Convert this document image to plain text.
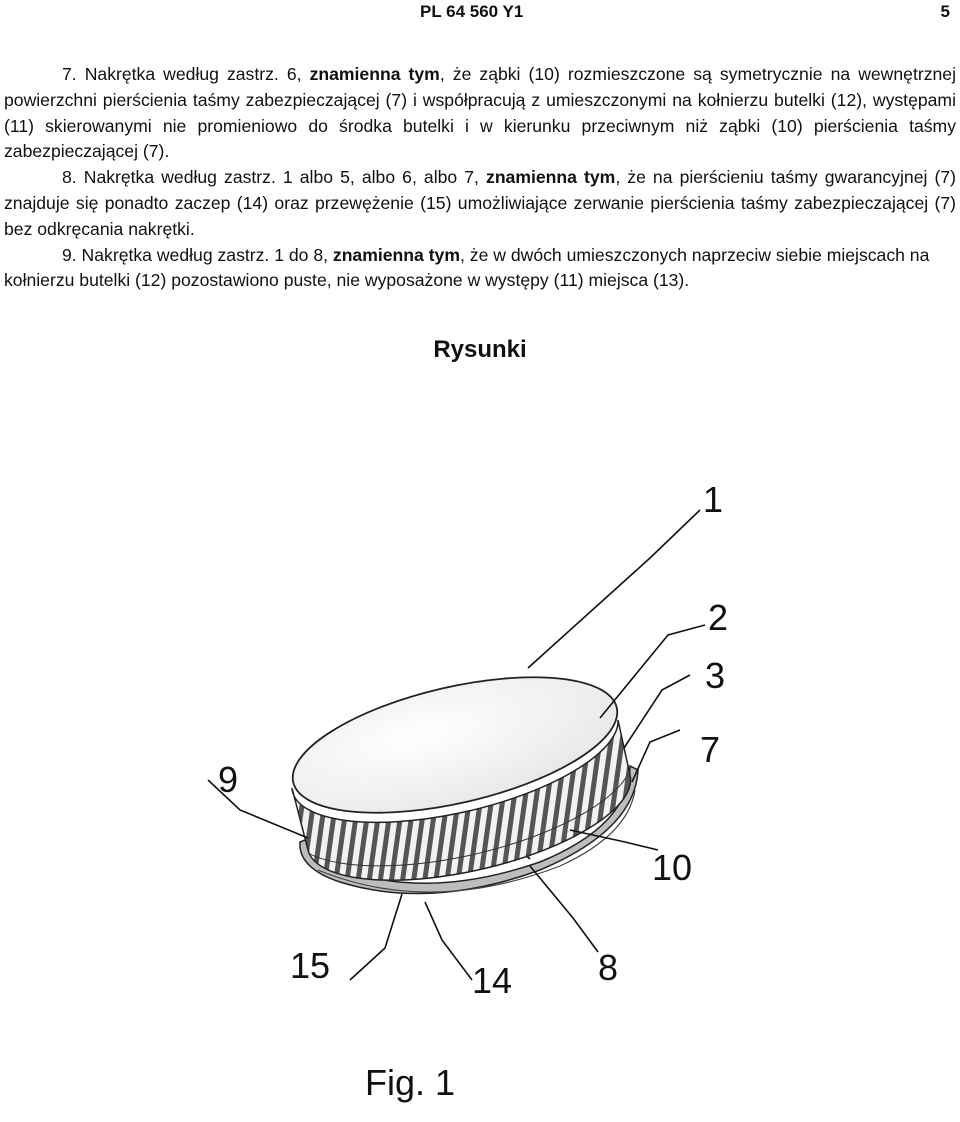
PL 64 560 Y1	5

7. Nakrętka według zastrz. 6, znamienna tym, że ząbki (10) rozmieszczone są symetrycznie na wewnętrznej powierzchni pierścienia taśmy zabezpieczającej (7) i współpracują z umieszczonymi na kołnierzu butelki (12), występami (11) skierowanymi nie promieniowo do środka butelki i w kierunku przeciwnym niż ząbki (10) pierścienia taśmy zabezpieczającej (7).

8. Nakrętka według zastrz. 1 albo 5, albo 6, albo 7, znamienna tym, że na pierścieniu taśmy gwarancyjnej (7) znajduje się ponadto zaczep (14) oraz przewężenie (15) umożliwiające zerwanie pierścienia taśmy zabezpieczającej (7) bez odkręcania nakrętki.

9. Nakrętka według zastrz. 1 do 8, znamienna tym, że w dwóch umieszczonych naprzeciw siebie miejscach na kołnierzu butelki (12) pozostawiono puste, nie wyposażone w występy (11) miejsca (13).

Rysunki
1
2
3
7
9
10
15	14 8
Fig. 1
